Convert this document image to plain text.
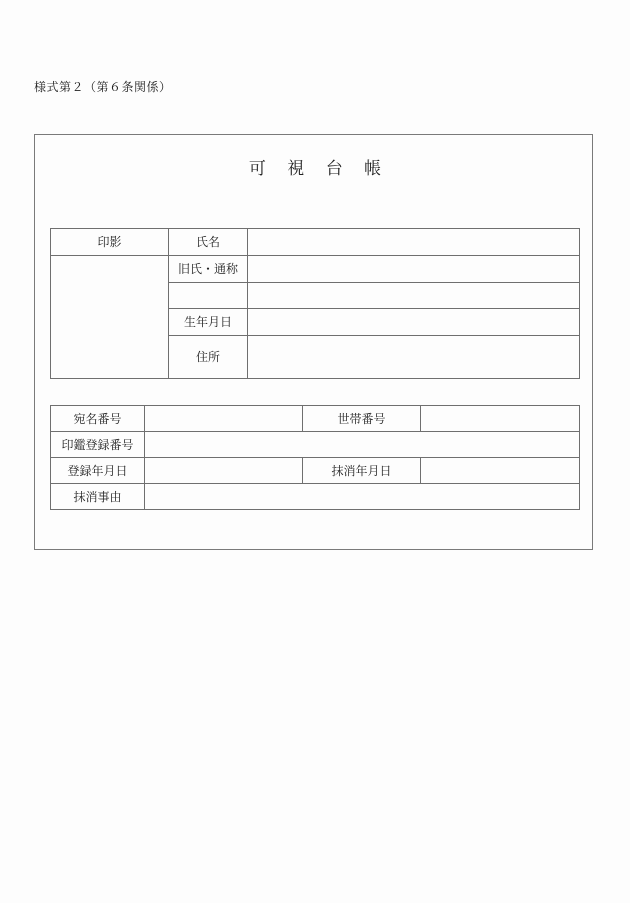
様式第２（第６条関係）
可 視 台 帳
印影	氏名	
	旧氏・通称	

	生年月日	
	住所	
宛名番号		世帯番号	
印鑑登録番号			
登録年月日		抹消年月日	
抹消事由			
